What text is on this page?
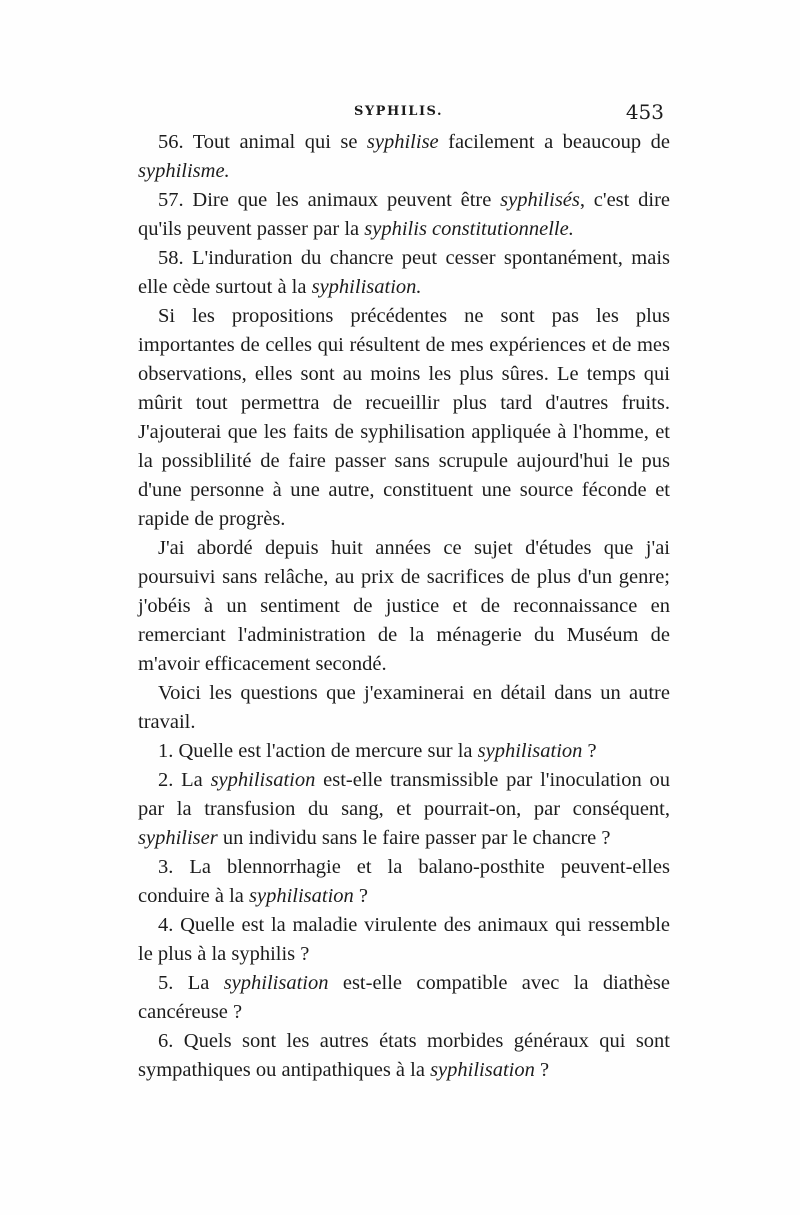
SYPHILIS.	453

56. Tout animal qui se syphilise facilement a beaucoup de syphilisme.

57. Dire que les animaux peuvent être syphilisés, c'est dire qu'ils peuvent passer par la syphilis constitutionnelle.

58. L'induration du chancre peut cesser spontanément, mais elle cède surtout à la syphilisation.

Si les propositions précédentes ne sont pas les plus importantes de celles qui résultent de mes expériences et de mes observations, elles sont au moins les plus sûres. Le temps qui mûrit tout permettra de recueillir plus tard d'autres fruits. J'ajouterai que les faits de syphilisation appliquée à l'homme, et la possiblilité de faire passer sans scrupule aujourd'hui le pus d'une personne à une autre, constituent une source féconde et rapide de progrès.

J'ai abordé depuis huit années ce sujet d'études que j'ai poursuivi sans relâche, au prix de sacrifices de plus d'un genre; j'obéis à un sentiment de justice et de reconnaissance en remerciant l'administration de la ménagerie du Muséum de m'avoir efficacement secondé.

Voici les questions que j'examinerai en détail dans un autre travail.

1. Quelle est l'action de mercure sur la syphilisation ?

2. La syphilisation est-elle transmissible par l'inoculation ou par la transfusion du sang, et pourrait-on, par conséquent, syphiliser un individu sans le faire passer par le chancre ?

3. La blennorrhagie et la balano-posthite peuvent-elles conduire à la syphilisation ?

4. Quelle est la maladie virulente des animaux qui ressemble le plus à la syphilis ?

5. La syphilisation est-elle compatible avec la diathèse cancéreuse ?

6. Quels sont les autres états morbides généraux qui sont sympathiques ou antipathiques à la syphilisation ?
